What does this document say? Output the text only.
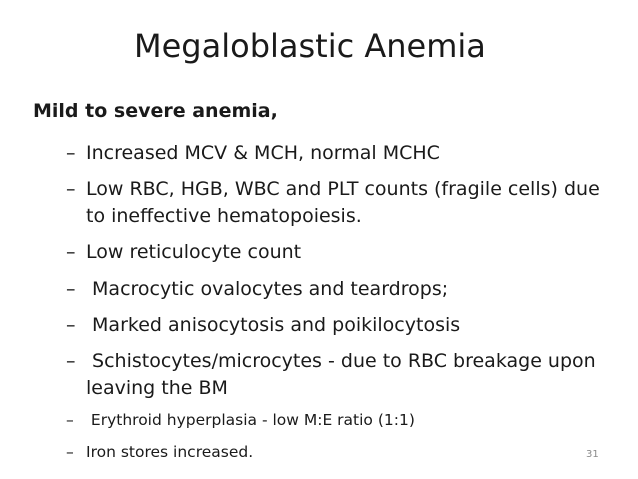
Megaloblastic Anemia
Mild to severe anemia,
– Increased MCV & MCH, normal MCHC
– Low RBC, HGB, WBC and PLT counts (fragile cells) due
to ineffective hematopoiesis.
– Low reticulocyte count
– Macrocytic ovalocytes and teardrops;
– Marked anisocytosis and poikilocytosis
– Schistocytes/microcytes - due to RBC breakage upon
leaving the BM
– Erythroid hyperplasia - low M:E ratio (1:1)
– Iron stores increased.	31
